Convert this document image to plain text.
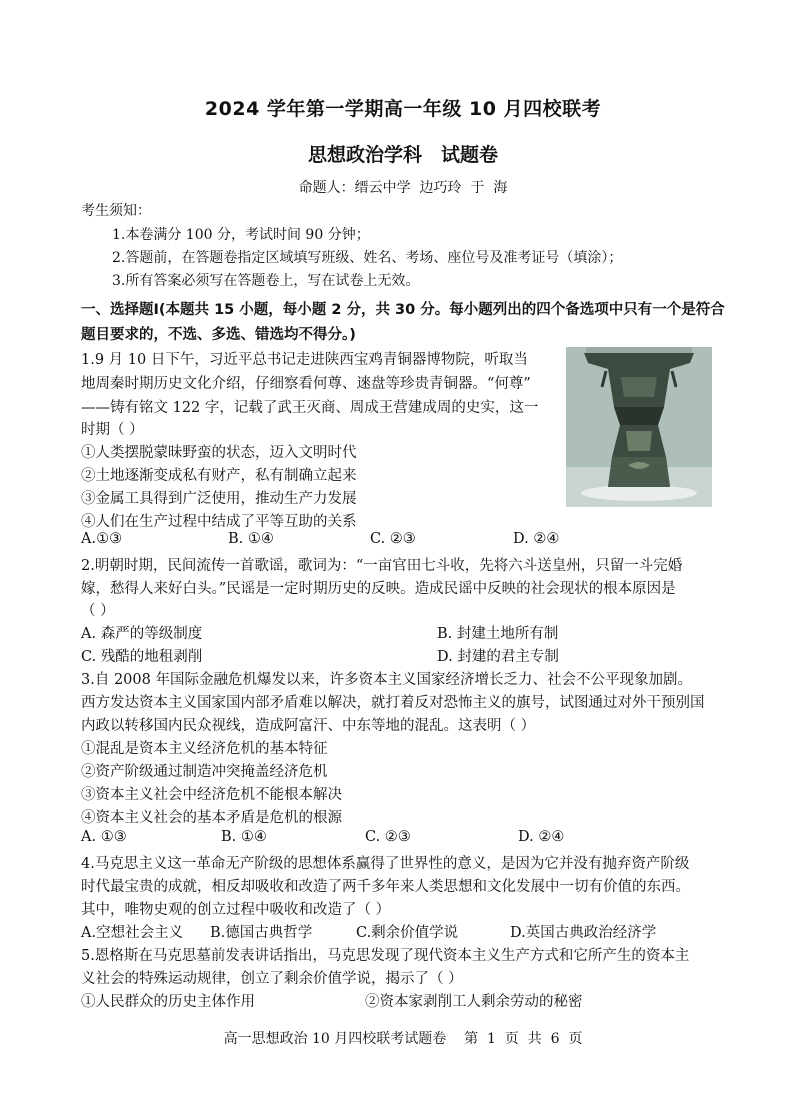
2024 学年第一学期高一年级 10 月四校联考
思想政治学科　试题卷
命题人：缙云中学  边巧玲  于  海
考生须知：
1.本卷满分 100 分，考试时间 90 分钟；
2.答题前，在答题卷指定区域填写班级、姓名、考场、座位号及准考证号（填涂）；
3.所有答案必须写在答题卷上，写在试卷上无效。
一、选择题Ⅰ(本题共 15 小题，每小题 2 分，共 30 分。每小题列出的四个备选项中只有一个是符合题目要求的，不选、多选、错选均不得分。)
1.9 月 10 日下午，习近平总书记走进陕西宝鸡青铜器博物院，听取当
地周秦时期历史文化介绍，仔细察看何尊、逨盘等珍贵青铜器。“何尊”
——铸有铭文 122 字，记载了武王灭商、周成王营建成周的史实，这一
时期（ ）
①人类摆脱蒙昧野蛮的状态，迈入文明时代
②土地逐渐变成私有财产，私有制确立起来
③金属工具得到广泛使用，推动生产力发展
④人们在生产过程中结成了平等互助的关系
A.①③	B. ①④	C. ②③	D. ②④
2.明朝时期，民间流传一首歌谣，歌词为：“一亩官田七斗收，先将六斗送皇州，只留一斗完婚
嫁，愁得人来好白头。”民谣是一定时期历史的反映。造成民谣中反映的社会现状的根本原因是
（ ）
A. 森严的等级制度	B. 封建土地所有制
C. 残酷的地租剥削	D. 封建的君主专制
3.自 2008 年国际金融危机爆发以来，许多资本主义国家经济增长乏力、社会不公平现象加剧。
西方发达资本主义国家国内部矛盾难以解决，就打着反对恐怖主义的旗号，试图通过对外干预别国
内政以转移国内民众视线，造成阿富汗、中东等地的混乱。这表明（ ）
①混乱是资本主义经济危机的基本特征
②资产阶级通过制造冲突掩盖经济危机
③资本主义社会中经济危机不能根本解决
④资本主义社会的基本矛盾是危机的根源
A. ①③	B. ①④	C. ②③	D. ②④
4.马克思主义这一革命无产阶级的思想体系赢得了世界性的意义，是因为它并没有抛弃资产阶级
时代最宝贵的成就，相反却吸收和改造了两千多年来人类思想和文化发展中一切有价值的东西。
其中，唯物史观的创立过程中吸收和改造了（ ）
A.空想社会主义 B.德国古典哲学	C.剩余价值学说	D.英国古典政治经济学
5.恩格斯在马克思墓前发表讲话指出，马克思发现了现代资本主义生产方式和它所产生的资本主
义社会的特殊运动规律，创立了剩余价值学说，揭示了（ ）
①人民群众的历史主体作用	②资本家剥削工人剩余劳动的秘密
高一思想政治 10 月四校联考试题卷    第  1  页  共  6  页
